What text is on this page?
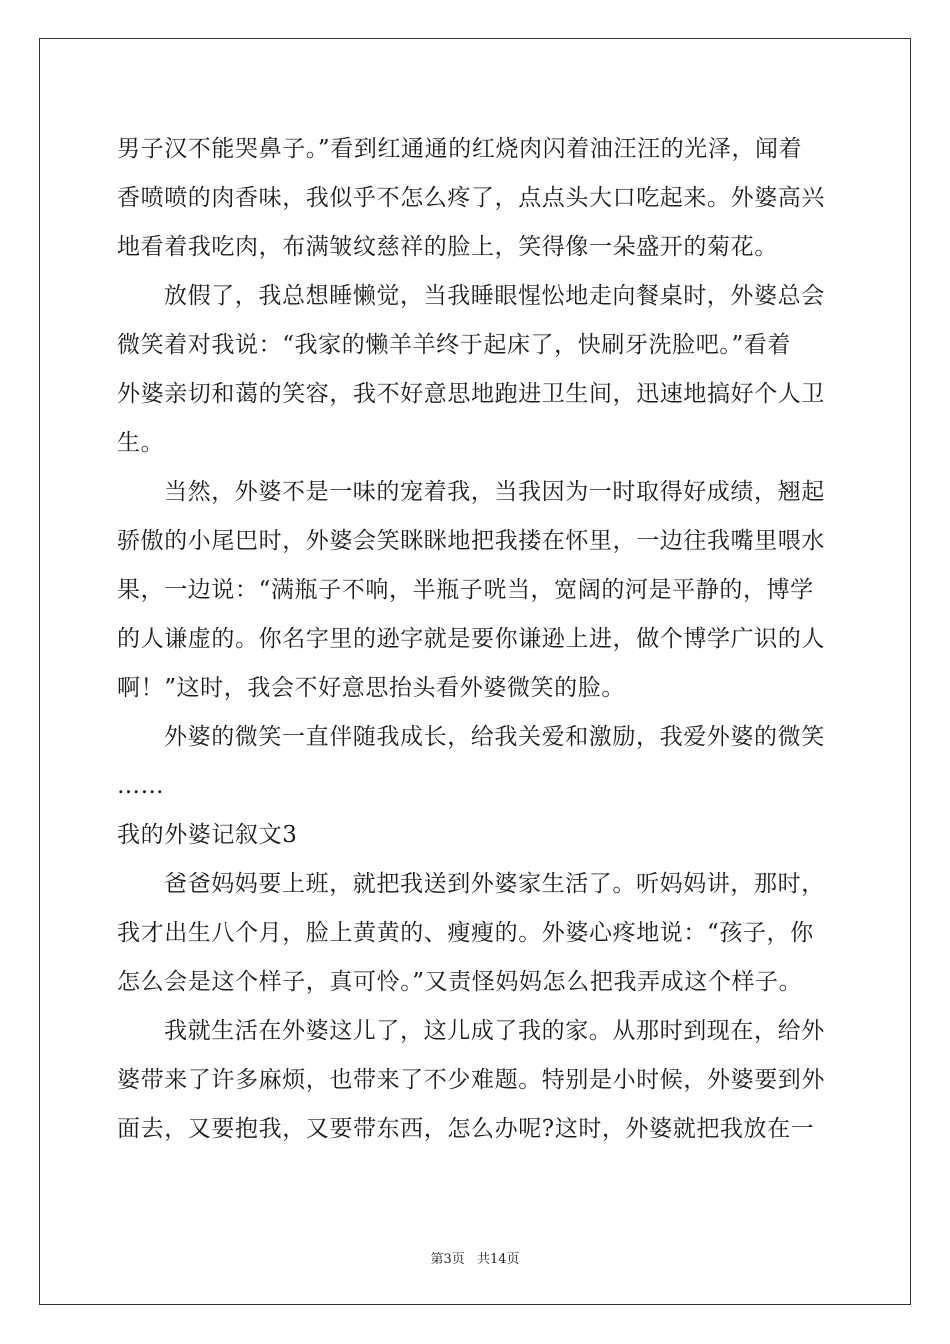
男子汉不能哭鼻子。”看到红通通的红烧肉闪着油汪汪的光泽，闻着
香喷喷的肉香味，我似乎不怎么疼了，点点头大口吃起来。外婆高兴
地看着我吃肉，布满皱纹慈祥的脸上，笑得像一朵盛开的菊花。
放假了，我总想睡懒觉，当我睡眼惺忪地走向餐桌时，外婆总会
微笑着对我说：“我家的懒羊羊终于起床了，快刷牙洗脸吧。”看着
外婆亲切和蔼的笑容，我不好意思地跑进卫生间，迅速地搞好个人卫
生。
当然，外婆不是一味的宠着我，当我因为一时取得好成绩，翘起
骄傲的小尾巴时，外婆会笑眯眯地把我搂在怀里，一边往我嘴里喂水
果，一边说：“满瓶子不响，半瓶子咣当，宽阔的河是平静的，博学
的人谦虚的。你名字里的逊字就是要你谦逊上进，做个博学广识的人
啊！”这时，我会不好意思抬头看外婆微笑的脸。
外婆的微笑一直伴随我成长，给我关爱和激励，我爱外婆的微笑
……
我的外婆记叙文3
爸爸妈妈要上班，就把我送到外婆家生活了。听妈妈讲，那时，
我才出生八个月，脸上黄黄的、瘦瘦的。外婆心疼地说：“孩子，你
怎么会是这个样子，真可怜。”又责怪妈妈怎么把我弄成这个样子。
我就生活在外婆这儿了，这儿成了我的家。从那时到现在，给外
婆带来了许多麻烦，也带来了不少难题。特别是小时候，外婆要到外
面去，又要抱我，又要带东西，怎么办呢?这时，外婆就把我放在一
第3页 共14页
